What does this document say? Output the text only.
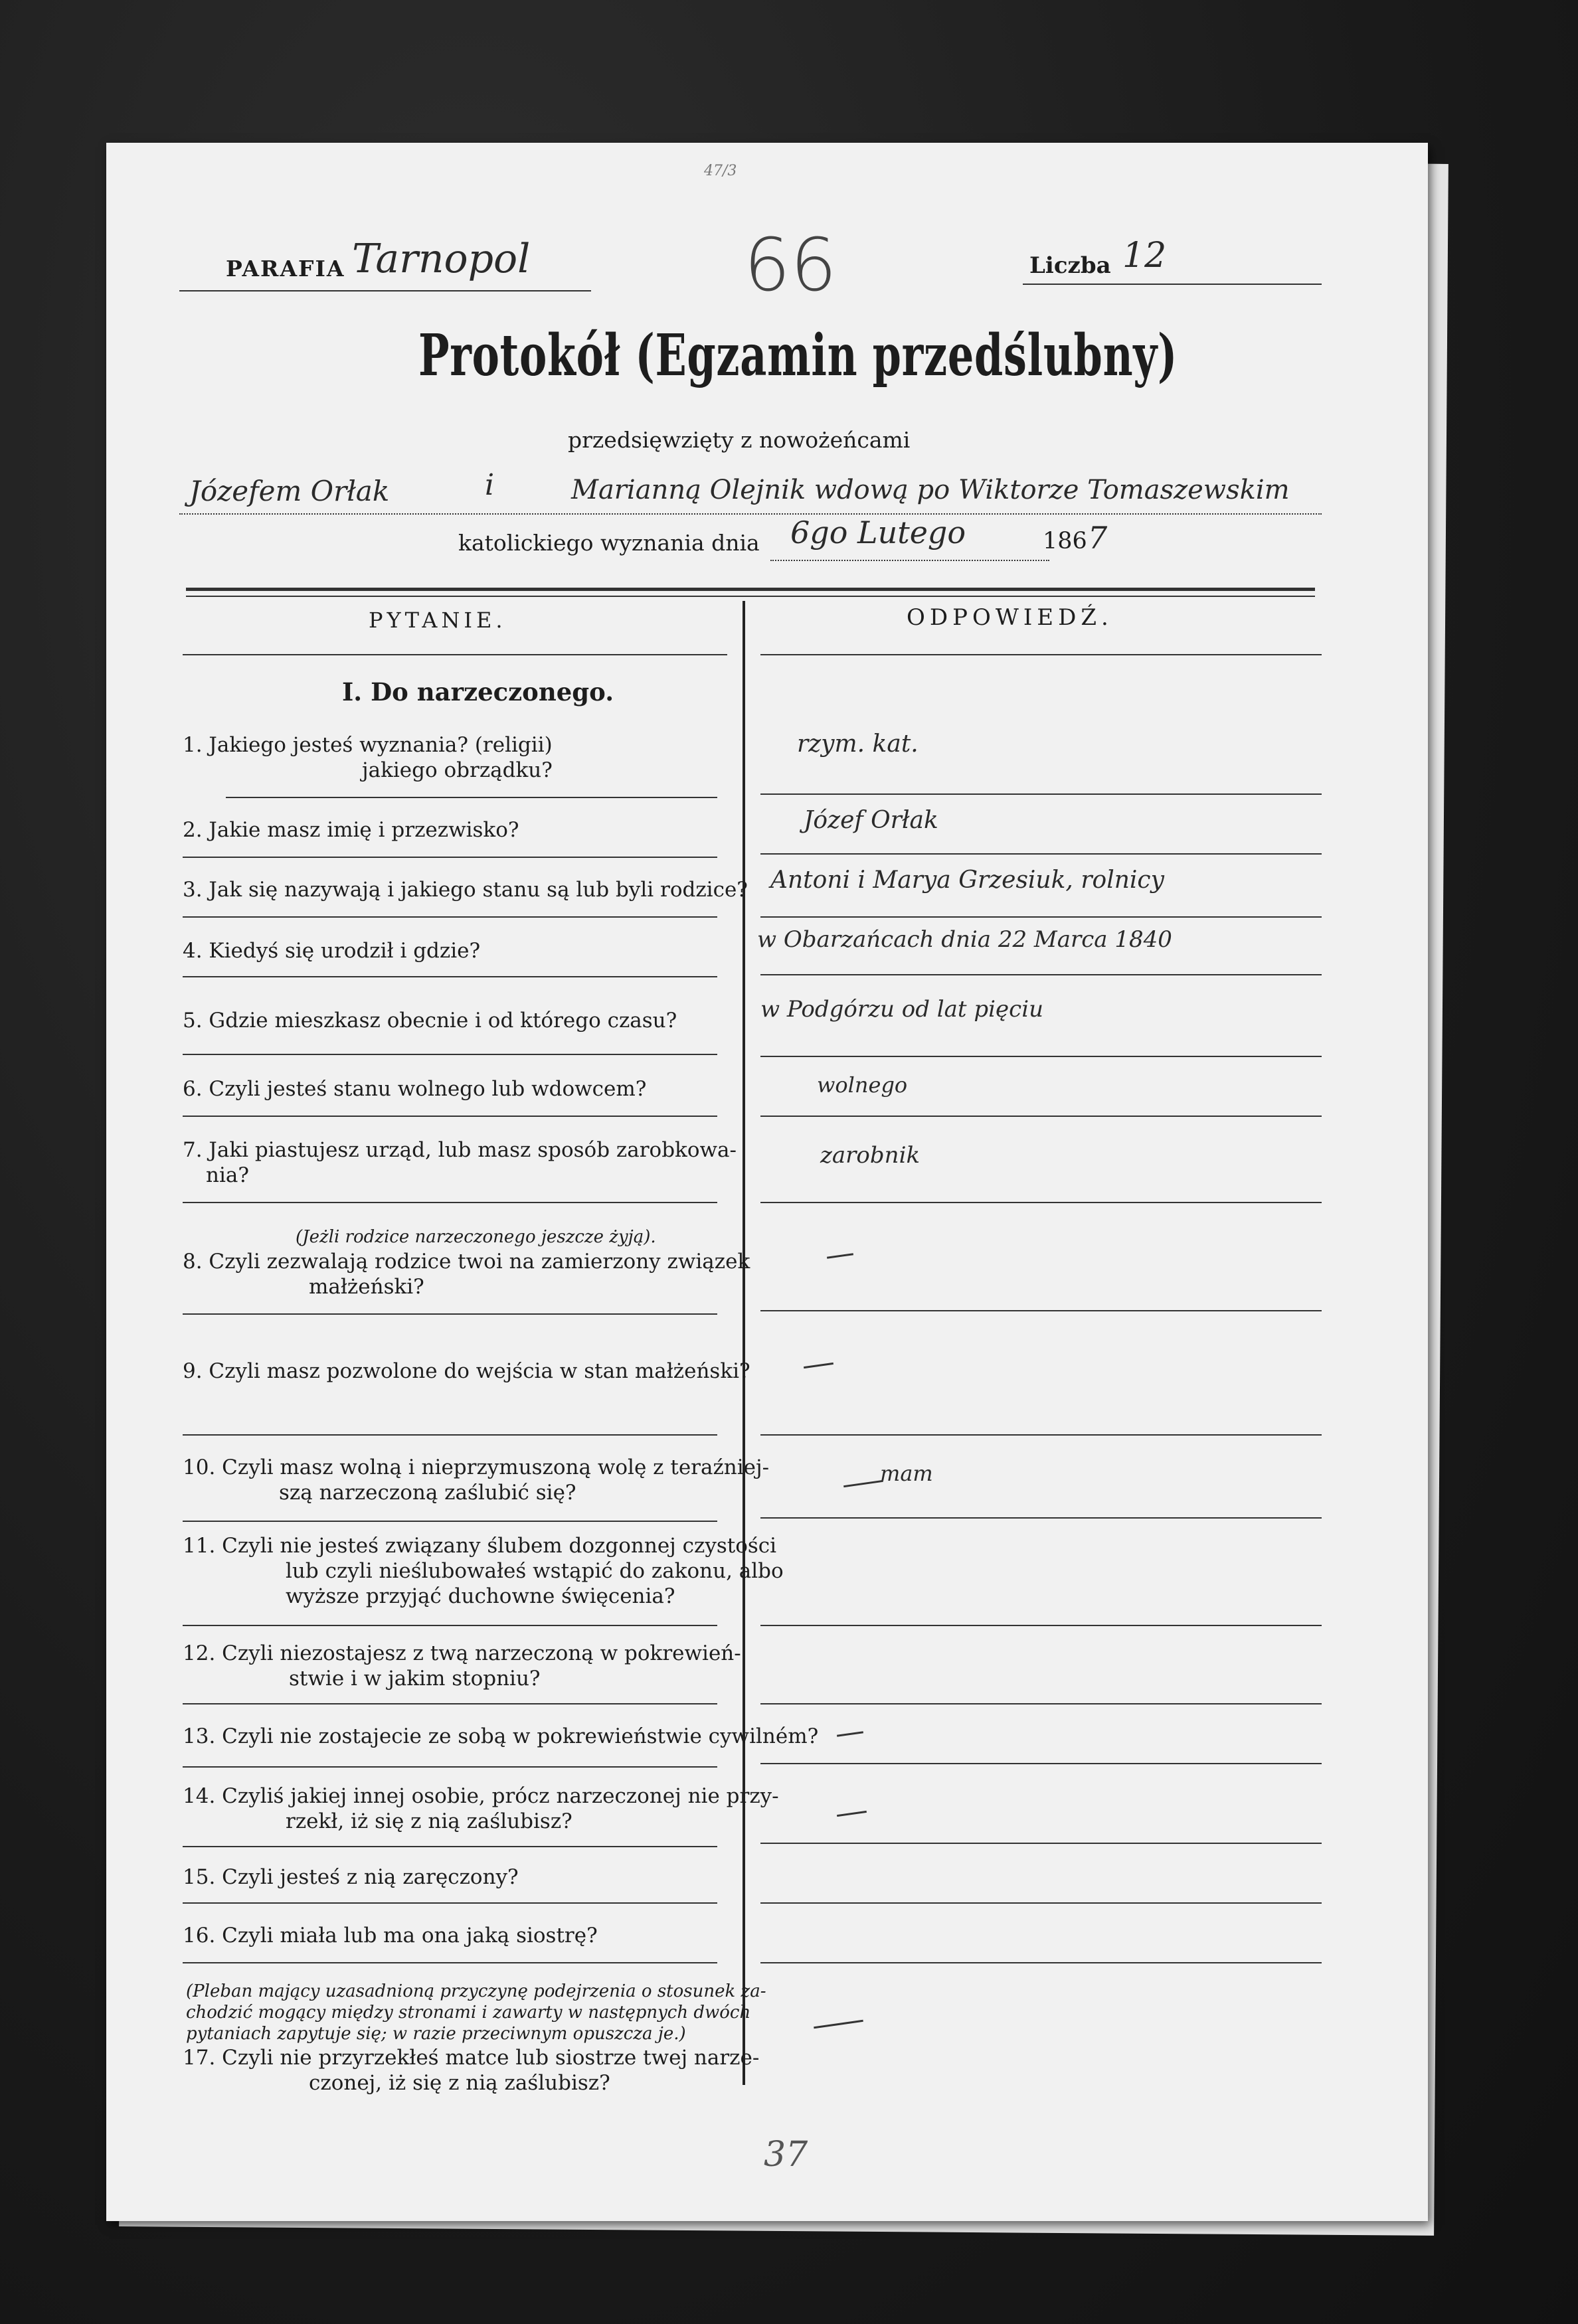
47/3
PARAFIA Tarnopol	66	Liczba 12
Protokół (Egzamin przedślubny)
przedsięwzięty z nowożeńcami
Józefem Orłak	i	Marianną Olejnik wdową po Wiktorze Tomaszewskim
katolickiego wyznania dnia 6go Lutego	186 7
PYTANIE.	ODPOWIEDŹ.
I. Do narzeczonego.
1. Jakiego jesteś wyznania? (religii)
jakiego obrządku?
rzym. kat.
2. Jakie masz imię i przezwisko?	Józef Orłak
3. Jak się nazywają i jakiego stanu są lub byli rodzice? Antoni i Marya Grzesiuk, rolnicy
4. Kiedyś się urodził i gdzie?	w Obarzańcach dnia 22 Marca 1840
5. Gdzie mieszkasz obecnie i od którego czasu?	w Podgórzu od lat pięciu
6. Czyli jesteś stanu wolnego lub wdowcem?	wolnego
7. Jaki piastujesz urząd, lub masz sposób zarobkowa-
nia?
zarobnik
(Jeżli rodzice narzeczonego jeszcze żyją).
8. Czyli zezwalają rodzice twoi na zamierzony związek
małżeński?
9. Czyli masz pozwolone do wejścia w stan małżeński?
10. Czyli masz wolną i nieprzymuszoną wolę z teraźniej-
szą narzeczoną zaślubić się?
mam
11. Czyli nie jesteś związany ślubem dozgonnej czystości
lub czyli nieślubowałeś wstąpić do zakonu, albo
wyższe przyjąć duchowne święcenia?
12. Czyli niezostajesz z twą narzeczoną w pokrewień-
stwie i w jakim stopniu?
13. Czyli nie zostajecie ze sobą w pokrewieństwie cywilném?
14. Czyliś jakiej innej osobie, prócz narzeczonej nie przy-
rzekł, iż się z nią zaślubisz?
15. Czyli jesteś z nią zaręczony?
16. Czyli miała lub ma ona jaką siostrę?
(Pleban mający uzasadnioną przyczynę podejrzenia o stosunek za-
chodzić mogący między stronami i zawarty w następnych dwóch
pytaniach zapytuje się; w razie przeciwnym opuszcza je.)
17. Czyli nie przyrzekłeś matce lub siostrze twej narze-
czonej, iż się z nią zaślubisz?
37
